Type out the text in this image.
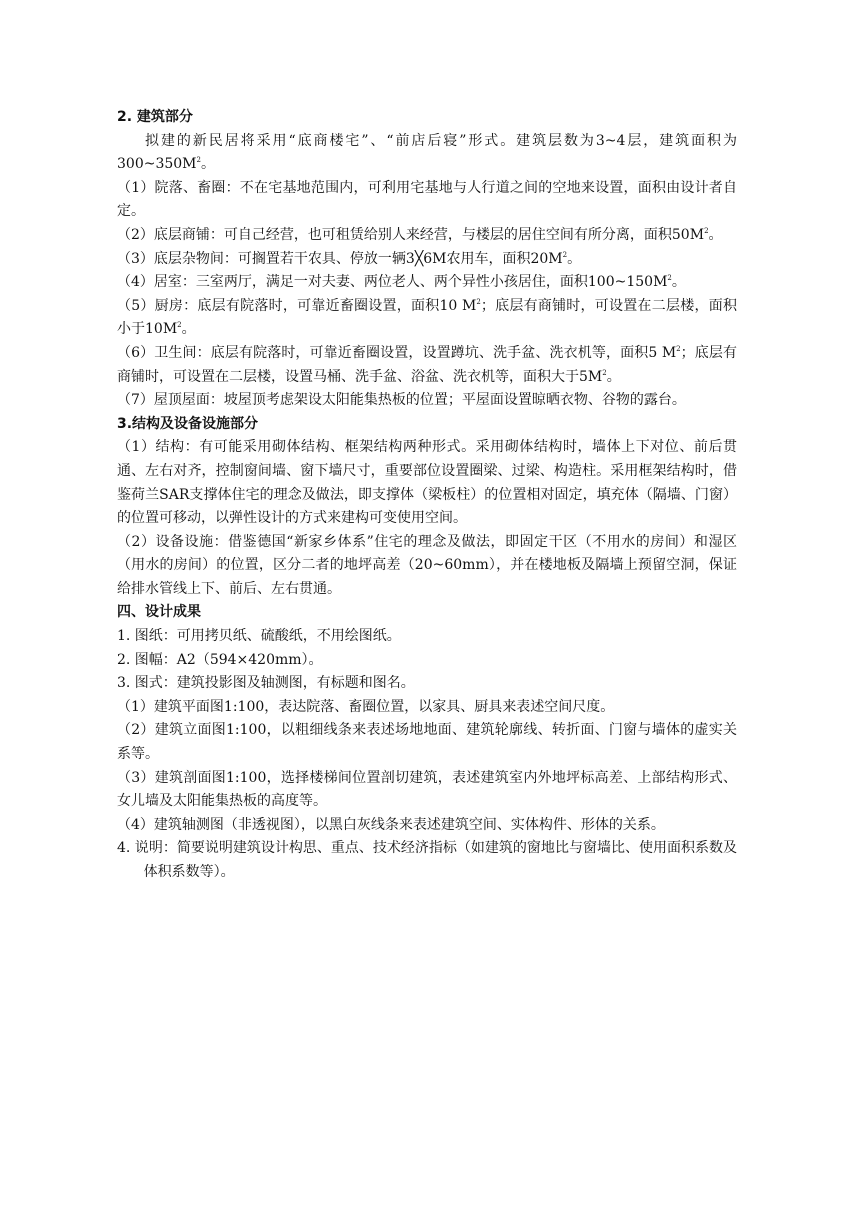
2. 建筑部分
拟建的新民居将采用“底商楼宅”、“前店后寝”形式。建筑层数为3~4层，建筑面积为$300\sim 350M^2$。
（1）院落、畜圈：不在宅基地范围内，可利用宅基地与人行道之间的空地来设置，面积由设计者自定。
（2）底层商铺：可自己经营，也可租赁给别人来经营，与楼层的居住空间有所分离，面积$50M^2$。
（3）底层杂物间：可搁置若干农具、停放一辆3╳6M农用车，面积$20M^2$。
（4）居室：三室两厅，满足一对夫妻、两位老人、两个异性小孩居住，面积$100\sim 150M^2$。
（5）厨房：底层有院落时，可靠近畜圈设置，面积10 $M^2$；底层有商铺时，可设置在二层楼，面积小于$10M^2$。
（6）卫生间：底层有院落时，可靠近畜圈设置，设置蹲坑、洗手盆、洗衣机等，面积5 $M^2$；底层有商铺时，可设置在二层楼，设置马桶、洗手盆、浴盆、洗衣机等，面积大于$5M^2$。
（7）屋顶屋面：坡屋顶考虑架设太阳能集热板的位置；平屋面设置晾晒衣物、谷物的露台。
3.结构及设备设施部分
（1）结构：有可能采用砌体结构、框架结构两种形式。采用砌体结构时，墙体上下对位、前后贯通、左右对齐，控制窗间墙、窗下墙尺寸，重要部位设置圈梁、过梁、构造柱。采用框架结构时，借鉴荷兰SAR支撑体住宅的理念及做法，即支撑体（梁板柱）的位置相对固定，填充体（隔墙、门窗）的位置可移动，以弹性设计的方式来建构可变使用空间。
（2）设备设施：借鉴德国“新家乡体系”住宅的理念及做法，即固定干区（不用水的房间）和湿区（用水的房间）的位置，区分二者的地坪高差（20~60mm），并在楼地板及隔墙上预留空洞，保证给排水管线上下、前后、左右贯通。
四、设计成果
1. 图纸：可用拷贝纸、硫酸纸，不用绘图纸。
2. 图幅：A2（594×420mm）。
3. 图式：建筑投影图及轴测图，有标题和图名。
（1）建筑平面图1:100，表达院落、畜圈位置，以家具、厨具来表述空间尺度。
（2）建筑立面图1:100，以粗细线条来表述场地地面、建筑轮廓线、转折面、门窗与墙体的虚实关系等。
（3）建筑剖面图1:100，选择楼梯间位置剖切建筑，表述建筑室内外地坪标高差、上部结构形式、女儿墙及太阳能集热板的高度等。
（4）建筑轴测图（非透视图），以黑白灰线条来表述建筑空间、实体构件、形体的关系。
4. 说明：简要说明建筑设计构思、重点、技术经济指标（如建筑的窗地比与窗墙比、使用面积系数及体积系数等）。
